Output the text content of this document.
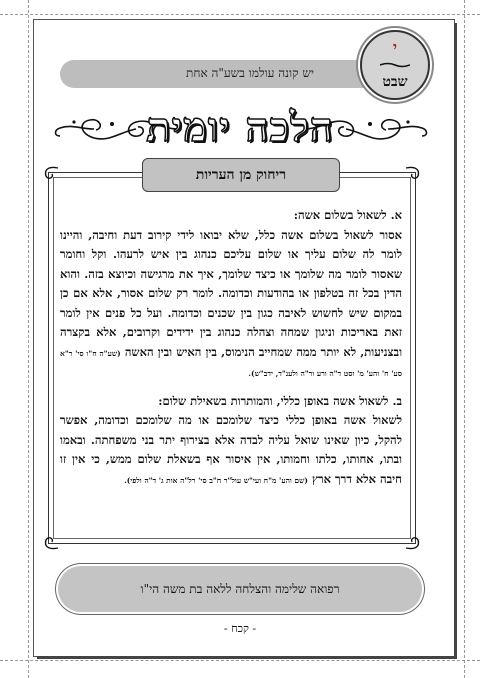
יש קונה עולמו בשע"ה אחת
י
שבט
הלכה יומית
ריחוק מן העריות

א. לשאול בשלום אשה:

אסור לשאול בשלום אשה כלל, שלא יבואו לידי קירוב דעת וחיבה, והיינו לומר לה שלום עליך או שלום עליכם כנהוג בין איש לרעהו. וקל וחומר שאסור לומר מה שלומך או כיצד שלומך, איך את מרגישה וכיוצא בזה. והוא הדין בכל זה בטלפון או בהודעות וכדומה. לומר רק שלום אסור, אלא אם כן במקום שיש לחשוש לאיבה כגון בין שכנים וכדומה. ועל כל פנים אין לומר זאת באריכות וניגון שמחה וצהלה כנהוג בין ידידים וקרובים, אלא בקצרה ובצניעות, לא יותר ממה שמחייב הנימוס, בין האיש ובין האשה (שע"ה ח"ו סי' ר"א סע' ח' והע' מ' וסט ד"ה ורע ור"ה ולענ"ד, ידב"ש).

ב. לשאול אשה באופן כללי, והמותרות בשאילת שלום:

לשאול אשה באופן כללי כיצד שלומכם או מה שלומכם וכדומה, אפשר להקל, כיון שאינו שואל עליה לבדה אלא בצירוף יתר בני משפחתה. ובאמו ובתו, אחותו, כלתו וחמותו, אין איסור אף בשאלת שלום ממש, כי אין זו חיבה אלא דרך ארץ (שם והע' מ"ח ועי"ש עול"ר ח"ב סי' רל"ה אות ג' ד"ה ולפי).

רפואה שלימה והצלחה ללאה בת משה הי"ו
- קכח -
